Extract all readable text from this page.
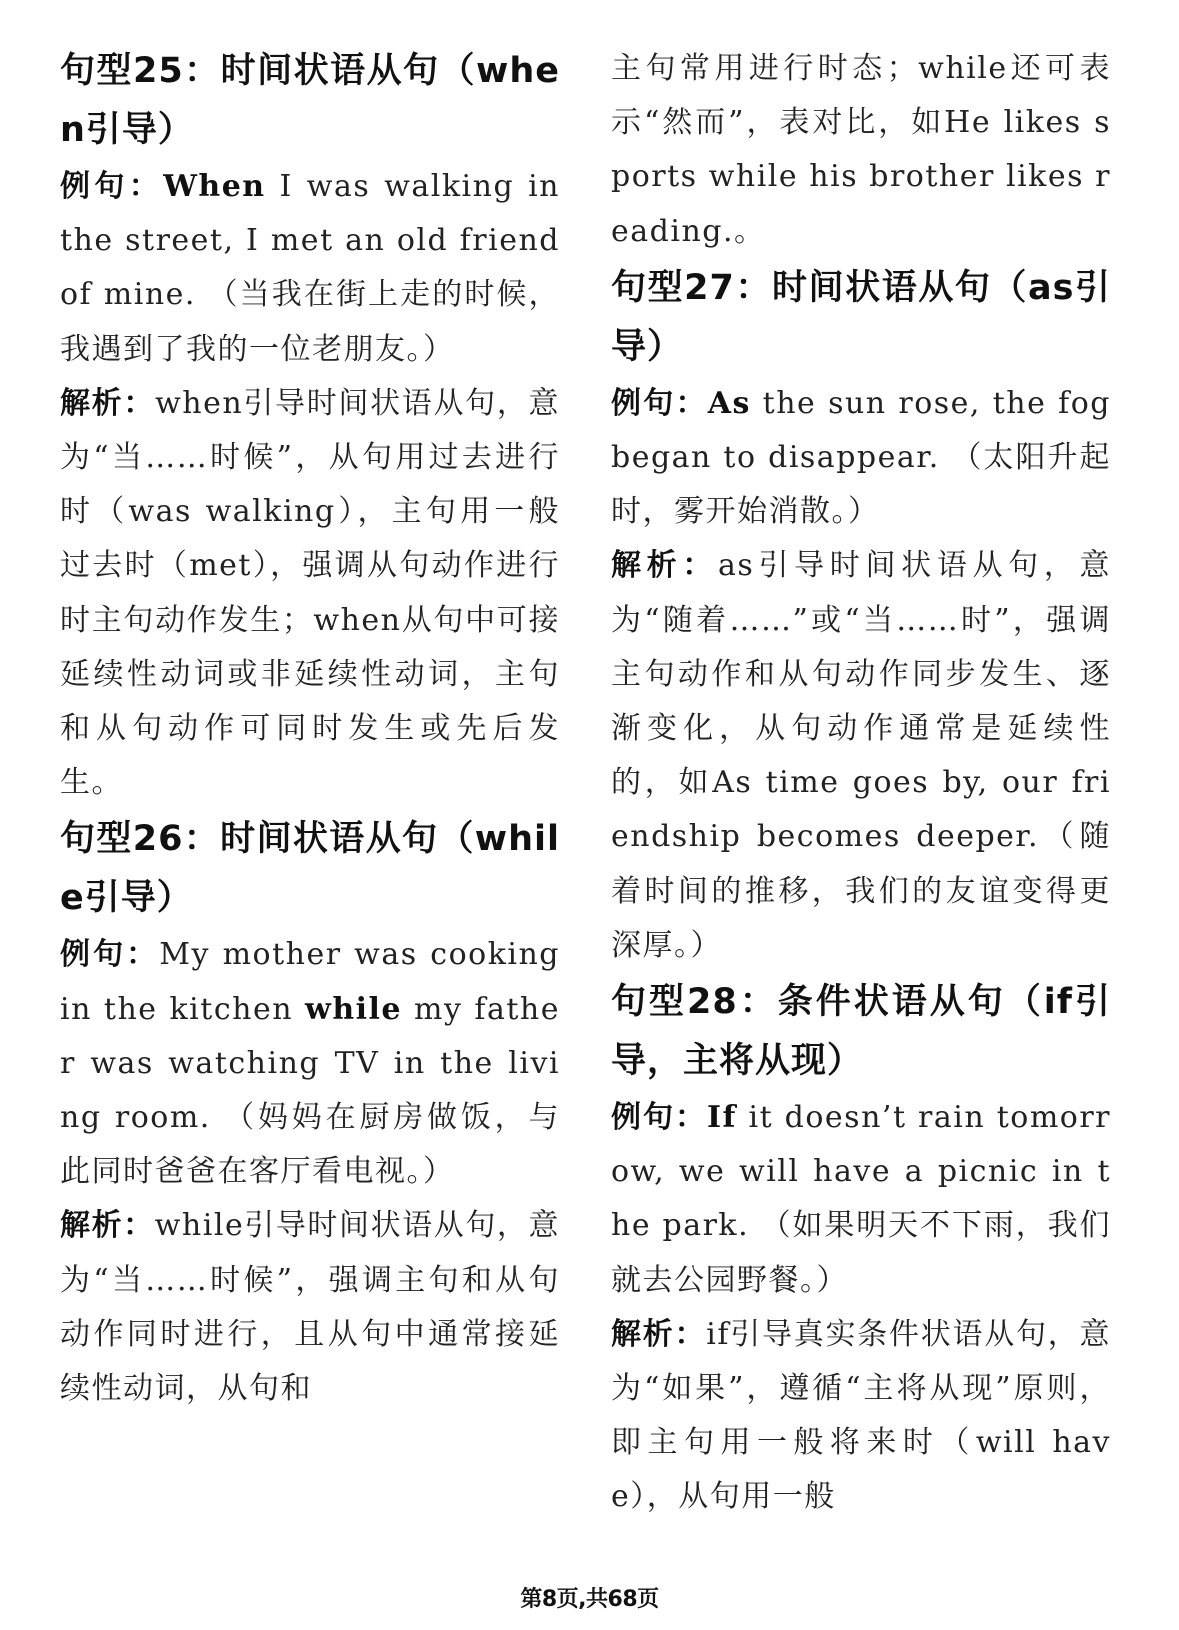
句型25：时间状语从句（when引导）

例句：When I was walking in the street, I met an old friend of mine. （当我在街上走的时候，我遇到了我的一位老朋友。）

解析：when引导时间状语从句，意为“当……时候”，从句用过去进行时（was walking），主句用一般过去时（met），强调从句动作进行时主句动作发生；when从句中可接延续性动词或非延续性动词，主句和从句动作可同时发生或先后发生。

句型26：时间状语从句（while引导）

例句：My mother was cooking in the kitchen while my father was watching TV in the living room. （妈妈在厨房做饭，与此同时爸爸在客厅看电视。）

解析：while引导时间状语从句，意为“当……时候”，强调主句和从句动作同时进行，且从句中通常接延续性动词，从句和

主句常用进行时态；while还可表示“然而”，表对比，如He likes sports while his brother likes reading.。

句型27：时间状语从句（as引导）

例句：As the sun rose, the fog began to disappear. （太阳升起时，雾开始消散。）

解析：as引导时间状语从句，意为“随着……”或“当……时”，强调主句动作和从句动作同步发生、逐渐变化，从句动作通常是延续性的，如As time goes by, our friendship becomes deeper.（随着时间的推移，我们的友谊变得更深厚。）

句型28：条件状语从句（if引导，主将从现）

例句：If it doesn’t rain tomorrow, we will have a picnic in the park. （如果明天不下雨，我们就去公园野餐。）

解析：if引导真实条件状语从句，意为“如果”，遵循“主将从现”原则，即主句用一般将来时（will have），从句用一般

第8页,共68页
